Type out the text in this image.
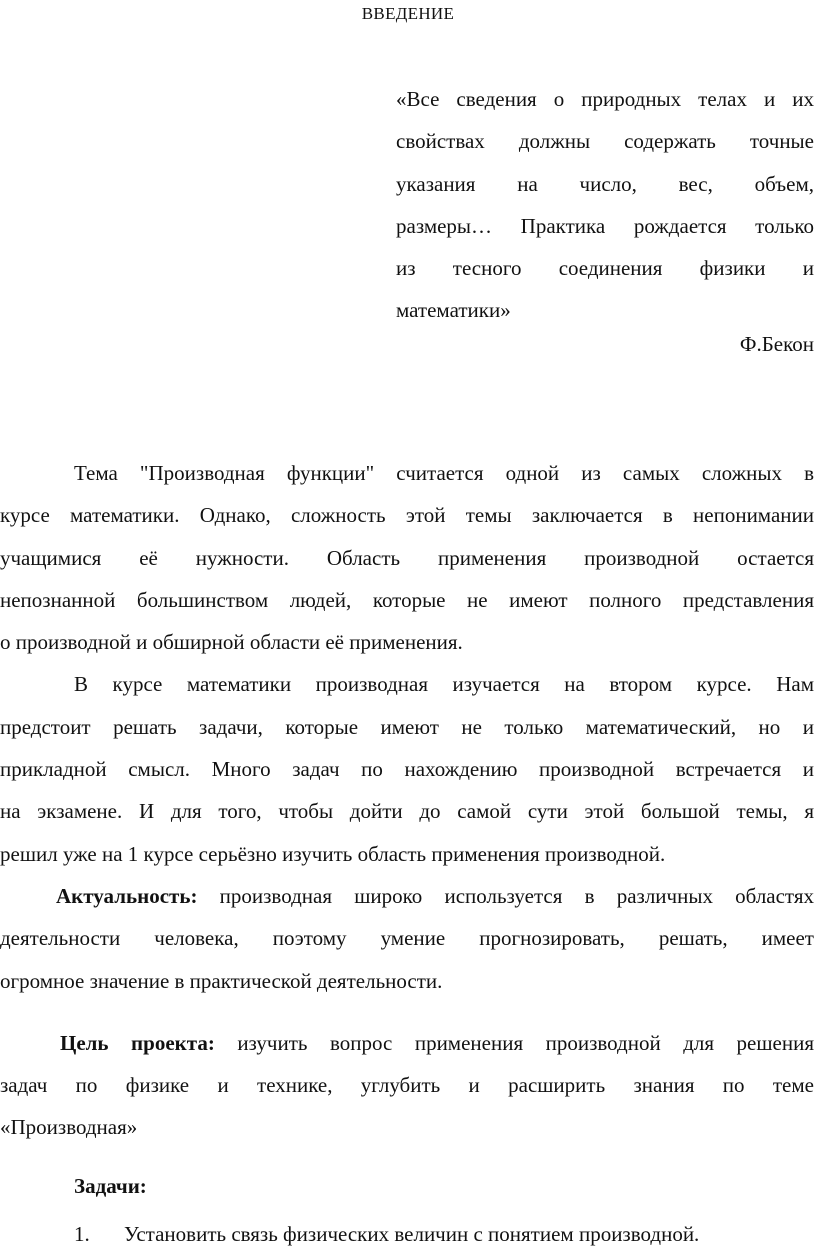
ВВЕДЕНИЕ
«Все сведения о природных телах и их
свойствах должны содержать точные
указания на число, вес, объем,
размеры… Практика рождается только
из тесного соединения физики и
математики»
Ф.Бекон
Тема "Производная функции" считается одной из самых сложных в
курсе математики. Однако, сложность этой темы заключается в непонимании
учащимися её нужности. Область применения производной остается
непознанной большинством людей, которые не имеют полного представления
о производной и обширной области её применения.
В курсе математики производная изучается на втором курсе. Нам
предстоит решать задачи, которые имеют не только математический, но и
прикладной смысл. Много задач по нахождению производной встречается и
на экзамене. И для того, чтобы дойти до самой сути этой большой темы, я
решил уже на 1 курсе серьёзно изучить область применения производной.
Актуальность: производная широко используется в различных областях
деятельности человека, поэтому умение прогнозировать, решать, имеет
огромное значение в практической деятельности.
Цель проекта: изучить вопрос применения производной для решения
задач по физике и технике, углубить и расширить знания по теме
«Производная»
Задачи:
1.	Установить связь физических величин с понятием производной.
